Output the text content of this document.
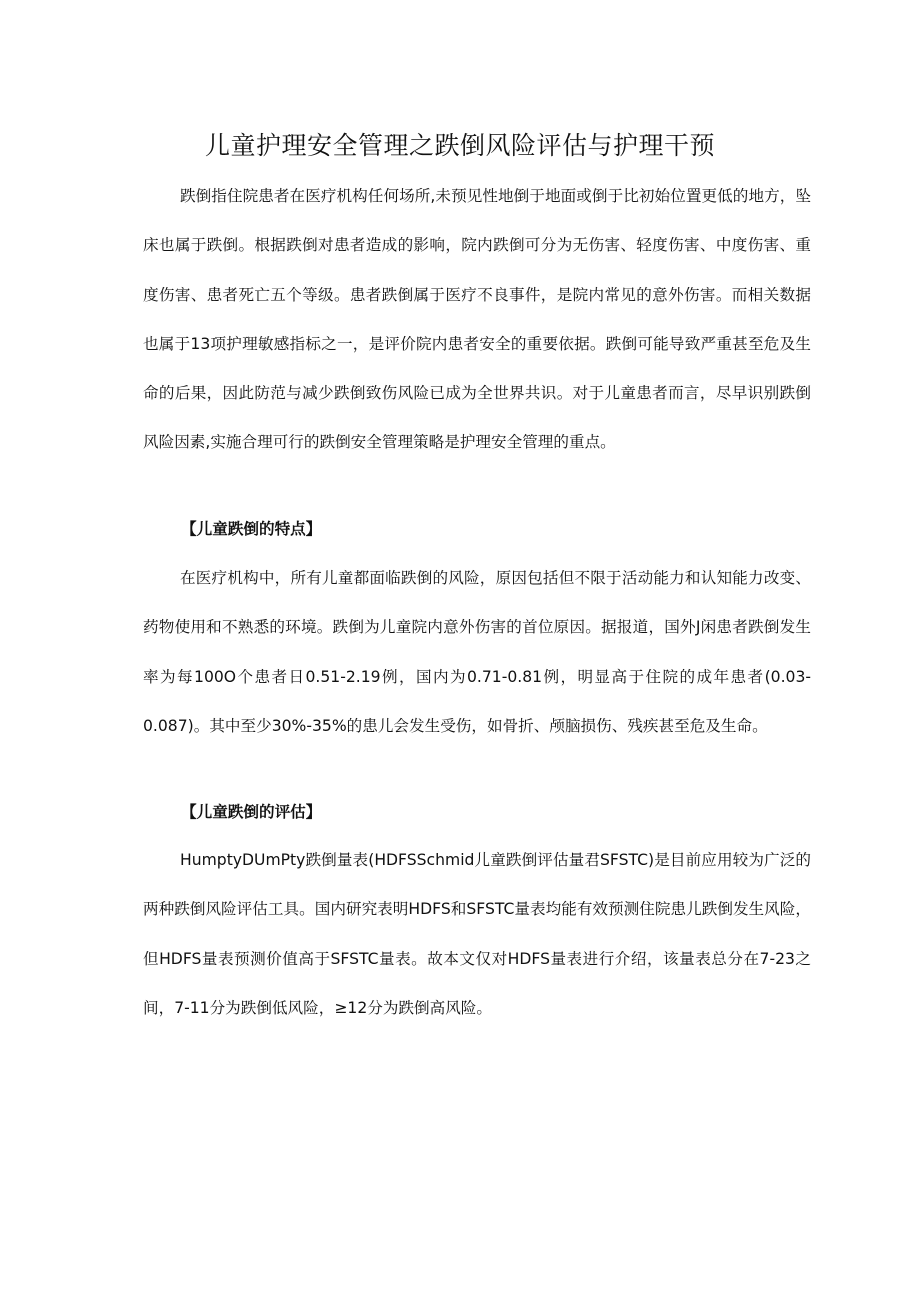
儿童护理安全管理之跌倒风险评估与护理干预

跌倒指住院患者在医疗机构任何场所,未预见性地倒于地面或倒于比初始位置更低的地方，坠床也属于跌倒。根据跌倒对患者造成的影响，院内跌倒可分为无伤害、轻度伤害、中度伤害、重度伤害、患者死亡五个等级。患者跌倒属于医疗不良事件，是院内常见的意外伤害。而相关数据也属于13项护理敏感指标之一，是评价院内患者安全的重要依据。跌倒可能导致严重甚至危及生命的后果，因此防范与减少跌倒致伤风险已成为全世界共识。对于儿童患者而言，尽早识别跌倒风险因素,实施合理可行的跌倒安全管理策略是护理安全管理的重点。

【儿童跌倒的特点】

在医疗机构中，所有儿童都面临跌倒的风险，原因包括但不限于活动能力和认知能力改变、药物使用和不熟悉的环境。跌倒为儿童院内意外伤害的首位原因。据报道，国外J闲患者跌倒发生率为每100O个患者日0.51-2.19例，国内为0.71-0.81例，明显高于住院的成年患者(0.03-0.087)。其中至少30%-35%的患儿会发生受伤，如骨折、颅脑损伤、残疾甚至危及生命。

【儿童跌倒的评估】

HumptyDUmPty跌倒量表(HDFSSchmid儿童跌倒评估量君SFSTC)是目前应用较为广泛的两种跌倒风险评估工具。国内研究表明HDFS和SFSTC量表均能有效预测住院患儿跌倒发生风险，但HDFS量表预测价值高于SFSTC量表。故本文仅对HDFS量表进行介绍，该量表总分在7-23之间，7-11分为跌倒低风险，≥12分为跌倒高风险。
